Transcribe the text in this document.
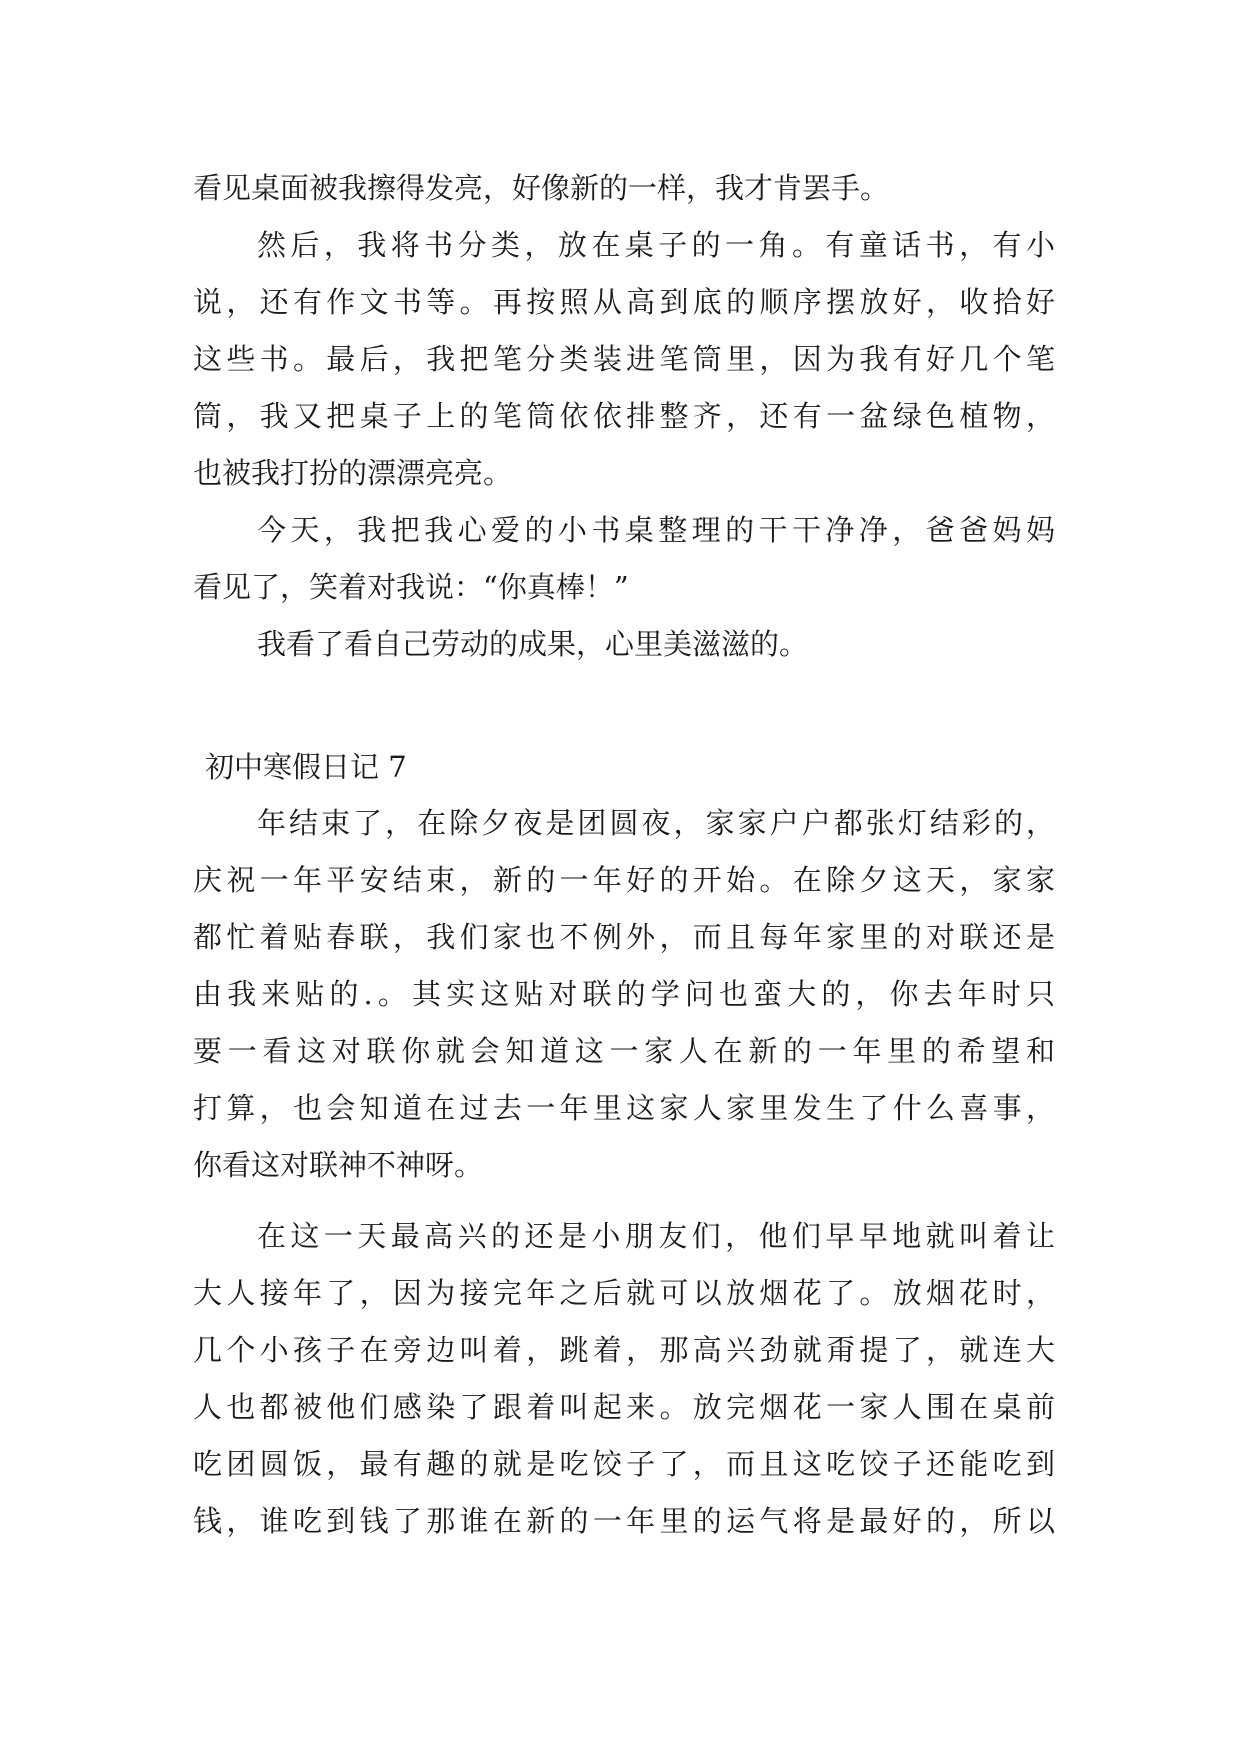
看见桌面被我擦得发亮，好像新的一样，我才肯罢手。
然后，我将书分类，放在桌子的一角。有童话书，有小
说，还有作文书等。再按照从高到底的顺序摆放好，收拾好
这些书。最后，我把笔分类装进笔筒里，因为我有好几个笔
筒，我又把桌子上的笔筒依依排整齐，还有一盆绿色植物，
也被我打扮的漂漂亮亮。
今天，我把我心爱的小书桌整理的干干净净，爸爸妈妈
看见了，笑着对我说：“你真棒！”
我看了看自己劳动的成果，心里美滋滋的。
初中寒假日记 7
年结束了，在除夕夜是团圆夜，家家户户都张灯结彩的，
庆祝一年平安结束，新的一年好的开始。在除夕这天，家家
都忙着贴春联，我们家也不例外，而且每年家里的对联还是
由我来贴的.。其实这贴对联的学问也蛮大的，你去年时只
要一看这对联你就会知道这一家人在新的一年里的希望和
打算，也会知道在过去一年里这家人家里发生了什么喜事，
你看这对联神不神呀。
在这一天最高兴的还是小朋友们，他们早早地就叫着让
大人接年了，因为接完年之后就可以放烟花了。放烟花时，
几个小孩子在旁边叫着，跳着，那高兴劲就甭提了，就连大
人也都被他们感染了跟着叫起来。放完烟花一家人围在桌前
吃团圆饭，最有趣的就是吃饺子了，而且这吃饺子还能吃到
钱，谁吃到钱了那谁在新的一年里的运气将是最好的，所以
